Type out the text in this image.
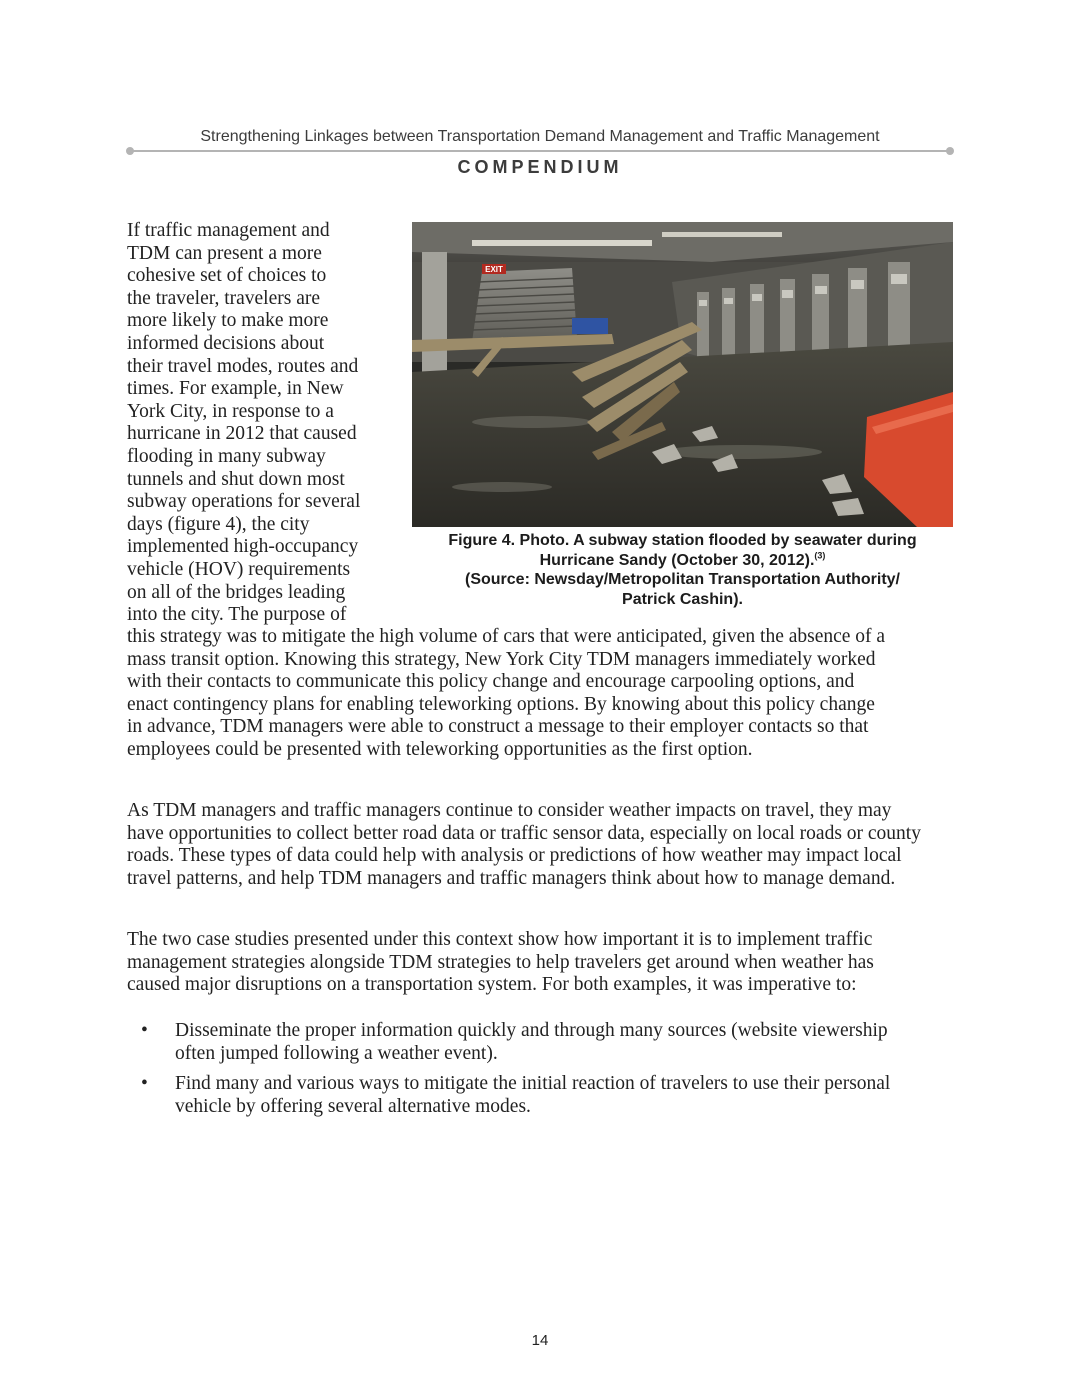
Strengthening Linkages between Transportation Demand Management and Traffic Management
COMPENDIUM
If traffic management and
TDM can present a more
cohesive set of choices to
the traveler, travelers are
more likely to make more
informed decisions about
their travel modes, routes and
times. For example, in New
York City, in response to a
hurricane in 2012 that caused
flooding in many subway
tunnels and shut down most
subway operations for several
days (figure 4), the city
implemented high-occupancy
vehicle (HOV) requirements
on all of the bridges leading
into the city. The purpose of
EXIT
Figure 4. Photo. A subway station flooded by seawater during
Hurricane Sandy (October 30, 2012).$^{(3)}$
(Source: Newsday/Metropolitan Transportation Authority/
Patrick Cashin).
this strategy was to mitigate the high volume of cars that were anticipated, given the absence of a
mass transit option. Knowing this strategy, New York City TDM managers immediately worked
with their contacts to communicate this policy change and encourage carpooling options, and
enact contingency plans for enabling teleworking options. By knowing about this policy change
in advance, TDM managers were able to construct a message to their employer contacts so that
employees could be presented with teleworking opportunities as the first option.
As TDM managers and traffic managers continue to consider weather impacts on travel, they may
have opportunities to collect better road data or traffic sensor data, especially on local roads or county
roads. These types of data could help with analysis or predictions of how weather may impact local
travel patterns, and help TDM managers and traffic managers think about how to manage demand.
The two case studies presented under this context show how important it is to implement traffic
management strategies alongside TDM strategies to help travelers get around when weather has
caused major disruptions on a transportation system. For both examples, it was imperative to:
• Disseminate the proper information quickly and through many sources (website viewership
often jumped following a weather event).
• Find many and various ways to mitigate the initial reaction of travelers to use their personal
vehicle by offering several alternative modes.
14
